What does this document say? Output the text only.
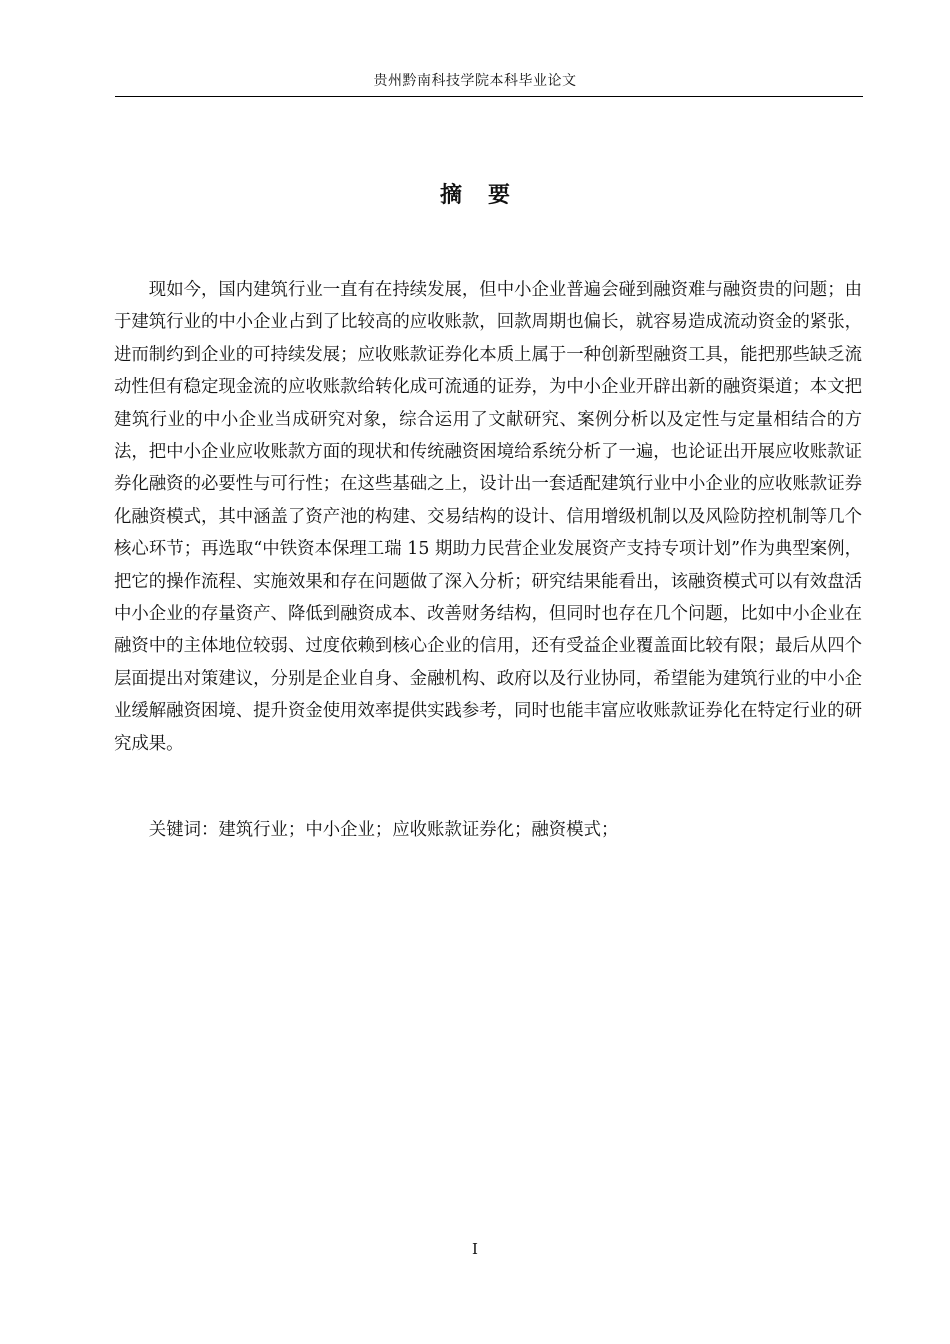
贵州黔南科技学院本科毕业论文
摘 要

现如今，国内建筑行业一直有在持续发展，但中小企业普遍会碰到融资难与融资贵的问题；由于建筑行业的中小企业占到了比较高的应收账款，回款周期也偏长，就容易造成流动资金的紧张，进而制约到企业的可持续发展；应收账款证券化本质上属于一种创新型融资工具，能把那些缺乏流动性但有稳定现金流的应收账款给转化成可流通的证券，为中小企业开辟出新的融资渠道；本文把建筑行业的中小企业当成研究对象，综合运用了文献研究、案例分析以及定性与定量相结合的方法，把中小企业应收账款方面的现状和传统融资困境给系统分析了一遍，也论证出开展应收账款证券化融资的必要性与可行性；在这些基础之上，设计出一套适配建筑行业中小企业的应收账款证券化融资模式，其中涵盖了资产池的构建、交易结构的设计、信用增级机制以及风险防控机制等几个核心环节；再选取“中铁资本保理工瑞 15 期助力民营企业发展资产支持专项计划”作为典型案例，把它的操作流程、实施效果和存在问题做了深入分析；研究结果能看出，该融资模式可以有效盘活中小企业的存量资产、降低到融资成本、改善财务结构，但同时也存在几个问题，比如中小企业在融资中的主体地位较弱、过度依赖到核心企业的信用，还有受益企业覆盖面比较有限；最后从四个层面提出对策建议，分别是企业自身、金融机构、政府以及行业协同，希望能为建筑行业的中小企业缓解融资困境、提升资金使用效率提供实践参考，同时也能丰富应收账款证券化在特定行业的研究成果。

关键词：建筑行业；中小企业；应收账款证券化；融资模式；

I
